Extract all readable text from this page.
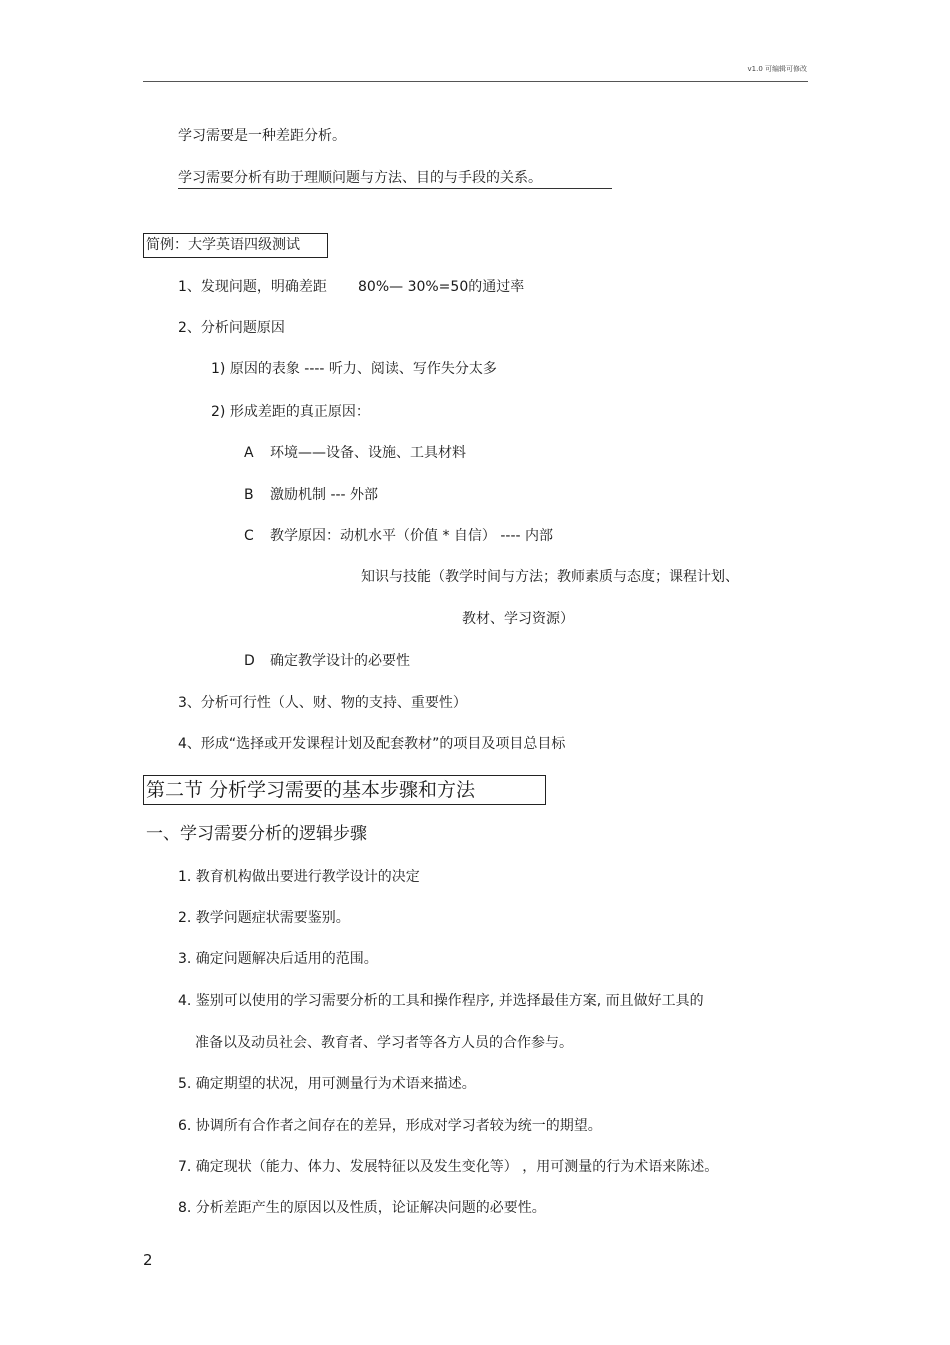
v1.0 可编辑可修改
学习需要是一种差距分析。
学习需要分析有助于理顺问题与方法、目的与手段的关系。
简例：大学英语四级测试
1、发现问题，明确差距 80%— 30%=50的通过率
2、分析问题原因
1) 原因的表象 ---- 听力、阅读、写作失分太多
2) 形成差距的真正原因：
A 环境——设备、设施、工具材料
B 激励机制 --- 外部
C 教学原因：动机水平（价值 * 自信） ---- 内部
知识与技能（教学时间与方法；教师素质与态度；课程计划、
教材、学习资源）
D 确定教学设计的必要性
3、分析可行性（人、财、物的支持、重要性）
4、形成“选择或开发课程计划及配套教材”的项目及项目总目标
第二节 分析学习需要的基本步骤和方法
一、学习需要分析的逻辑步骤
1. 教育机构做出要进行教学设计的决定
2. 教学问题症状需要鉴别。
3. 确定问题解决后适用的范围。
4. 鉴别可以使用的学习需要分析的工具和操作程序, 并选择最佳方案, 而且做好工具的
准备以及动员社会、教育者、学习者等各方人员的合作参与。
5. 确定期望的状况，用可测量行为术语来描述。
6. 协调所有合作者之间存在的差异，形成对学习者较为统一的期望。
7. 确定现状（能力、体力、发展特征以及发生变化等） ，用可测量的行为术语来陈述。
8. 分析差距产生的原因以及性质，论证解决问题的必要性。
2
